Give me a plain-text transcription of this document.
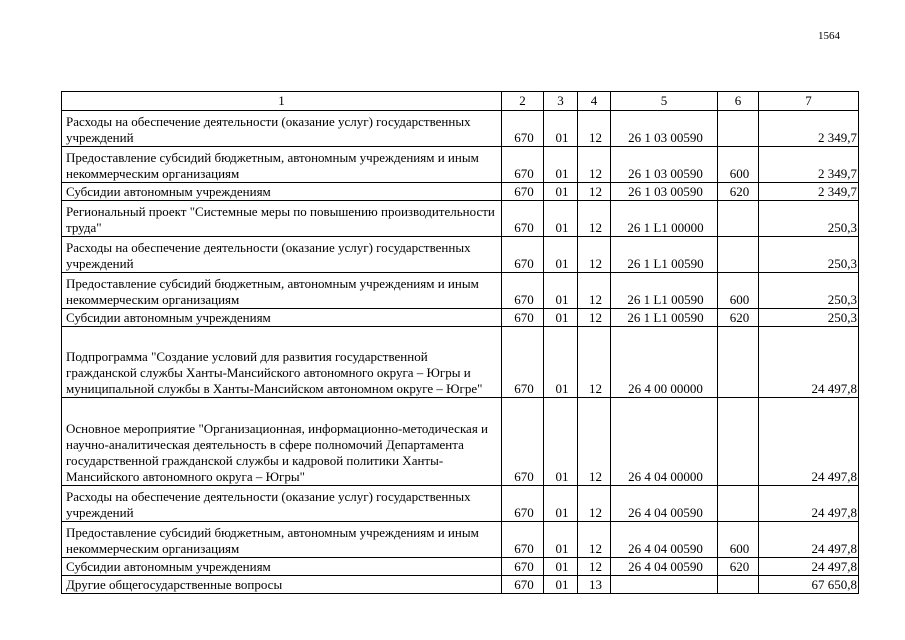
1564
1	2	3	4	5	6	7
Расходы на обеспечение деятельности (оказание услуг) государственных учреждений	670	01	12	26 1 03 00590		2 349,7
Предоставление субсидий бюджетным, автономным учреждениям и иным некоммерческим организациям	670	01	12	26 1 03 00590	600	2 349,7
Субсидии автономным учреждениям	670	01	12	26 1 03 00590	620	2 349,7
Региональный проект "Системные меры по повышению производительности труда"	670	01	12	26 1 L1 00000		250,3
Расходы на обеспечение деятельности (оказание услуг) государственных учреждений	670	01	12	26 1 L1 00590		250,3
Предоставление субсидий бюджетным, автономным учреждениям и иным некоммерческим организациям	670	01	12	26 1 L1 00590	600	250,3
Субсидии автономным учреждениям	670	01	12	26 1 L1 00590	620	250,3
Подпрограмма "Создание условий для развития государственной гражданской службы Ханты-Мансийского автономного округа – Югры и муниципальной службы в Ханты-Мансийском автономном округе – Югре"	670	01	12	26 4 00 00000		24 497,8
Основное мероприятие "Организационная, информационно-методическая и научно-аналитическая деятельность в сфере полномочий Департамента государственной гражданской службы и кадровой политики Ханты-Мансийского автономного округа – Югры"	670	01	12	26 4 04 00000		24 497,8
Расходы на обеспечение деятельности (оказание услуг) государственных учреждений	670	01	12	26 4 04 00590		24 497,8
Предоставление субсидий бюджетным, автономным учреждениям и иным некоммерческим организациям	670	01	12	26 4 04 00590	600	24 497,8
Субсидии автономным учреждениям	670	01	12	26 4 04 00590	620	24 497,8
Другие общегосударственные вопросы	670	01	13			67 650,8
